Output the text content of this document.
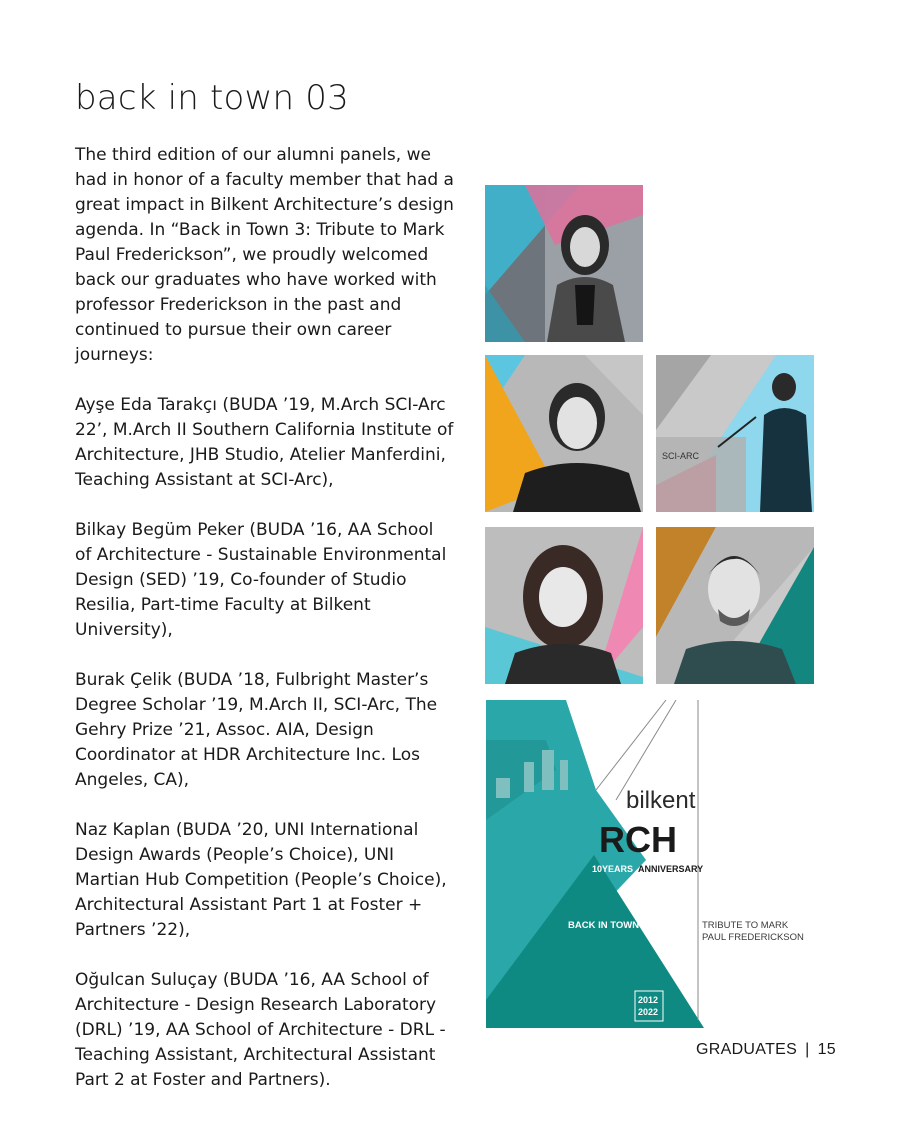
back in town 03

The third edition of our alumni panels, we had in honor of a faculty member that had a great impact in Bilkent Architecture’s design agenda. In “Back in Town 3: Tribute to Mark Paul Frederickson”, we proudly welcomed back our graduates who have worked with professor Frederickson in the past and continued to pursue their own career journeys:

Ayşe Eda Tarakçı (BUDA ’19, M.Arch SCI-Arc 22’, M.Arch II Southern California Institute of Architecture, JHB Studio, Atelier Manferdini, Teaching Assistant at SCI-Arc),

Bilkay Begüm Peker (BUDA ’16, AA School of Architecture - Sustainable Environmental Design (SED) ’19, Co-founder of Studio Resilia, Part-time Faculty at Bilkent University),

Burak Çelik (BUDA ’18, Fulbright Master’s Degree Scholar ’19, M.Arch II, SCI-Arc, The Gehry Prize ’21, Assoc. AIA, Design Coordinator at HDR Architecture Inc. Los Angeles, CA),

Naz Kaplan (BUDA ’20, UNI International Design Awards (People’s Choice), UNI Martian Hub Competition (People’s Choice), Architectural Assistant Part 1 at Foster + Partners ’22),

Oğulcan Suluçay (BUDA ’16, AA School of Architecture - Design Research Laboratory (DRL) ’19, AA School of Architecture - DRL - Teaching Assistant, Architectural Assistant Part 2 at Foster and Partners).

SCI-ARC
bilkent
RCH
10YEARS ANNIVERSARY
BACK IN TOWN SERIES III: TRIBUTE TO MARK
PAUL FREDERICKSON
2012
2022
GRADUATES | 15
